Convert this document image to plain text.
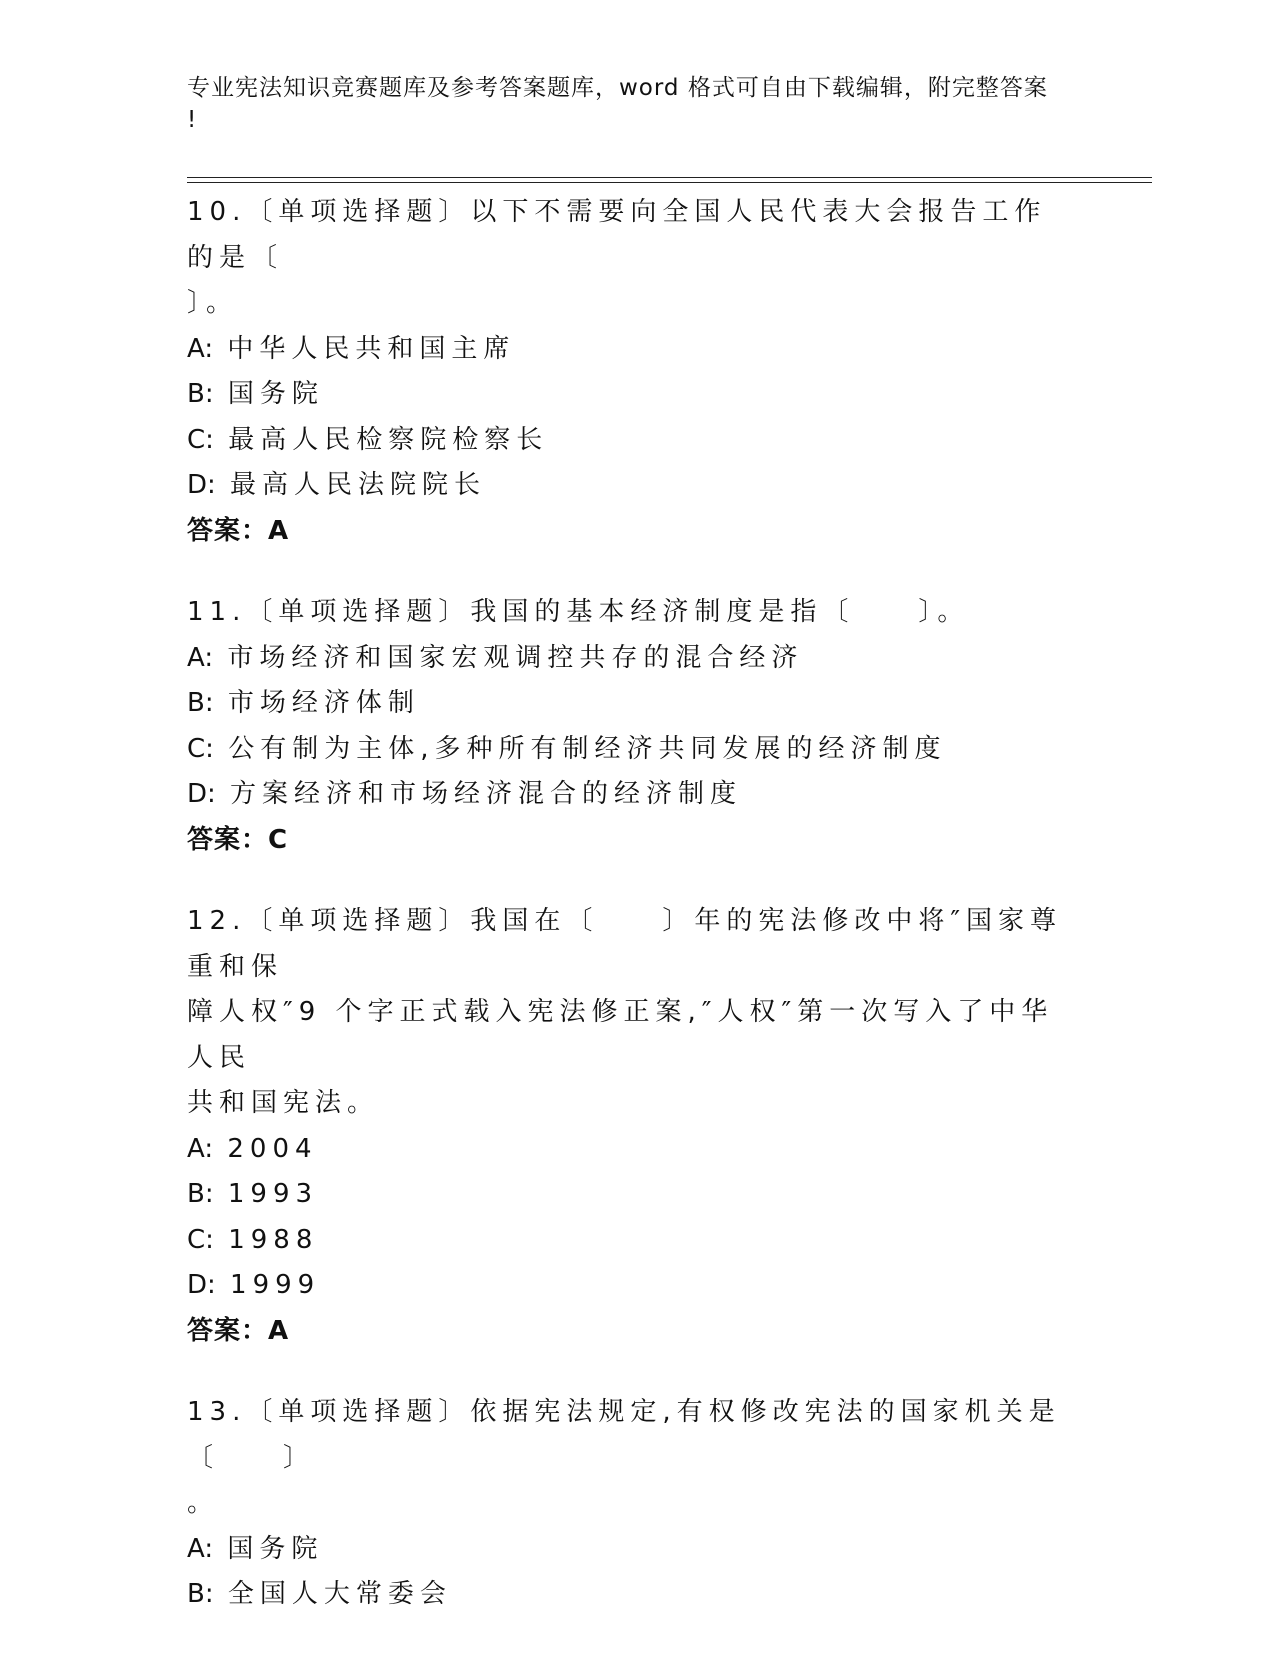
专业宪法知识竞赛题库及参考答案题库，word 格式可自由下载编辑，附完整答案
!

10.〔单项选择题〕以下不需要向全国人民代表大会报告工作的是〔

〕。

A: 中华人民共和国主席

B: 国务院

C: 最高人民检察院检察长

D: 最高人民法院院长

答案：A

11.〔单项选择题〕我国的基本经济制度是指〔　　〕。

A: 市场经济和国家宏观调控共存的混合经济

B: 市场经济体制

C: 公有制为主体,多种所有制经济共同发展的经济制度

D: 方案经济和市场经济混合的经济制度

答案：C

12.〔单项选择题〕我国在〔　　〕年的宪法修改中将″国家尊重和保

障人权″9 个字正式载入宪法修正案,″人权″第一次写入了中华人民

共和国宪法。

A: 2004

B: 1993

C: 1988

D: 1999

答案：A

13.〔单项选择题〕依据宪法规定,有权修改宪法的国家机关是〔　　〕

。

A: 国务院

B: 全国人大常委会
